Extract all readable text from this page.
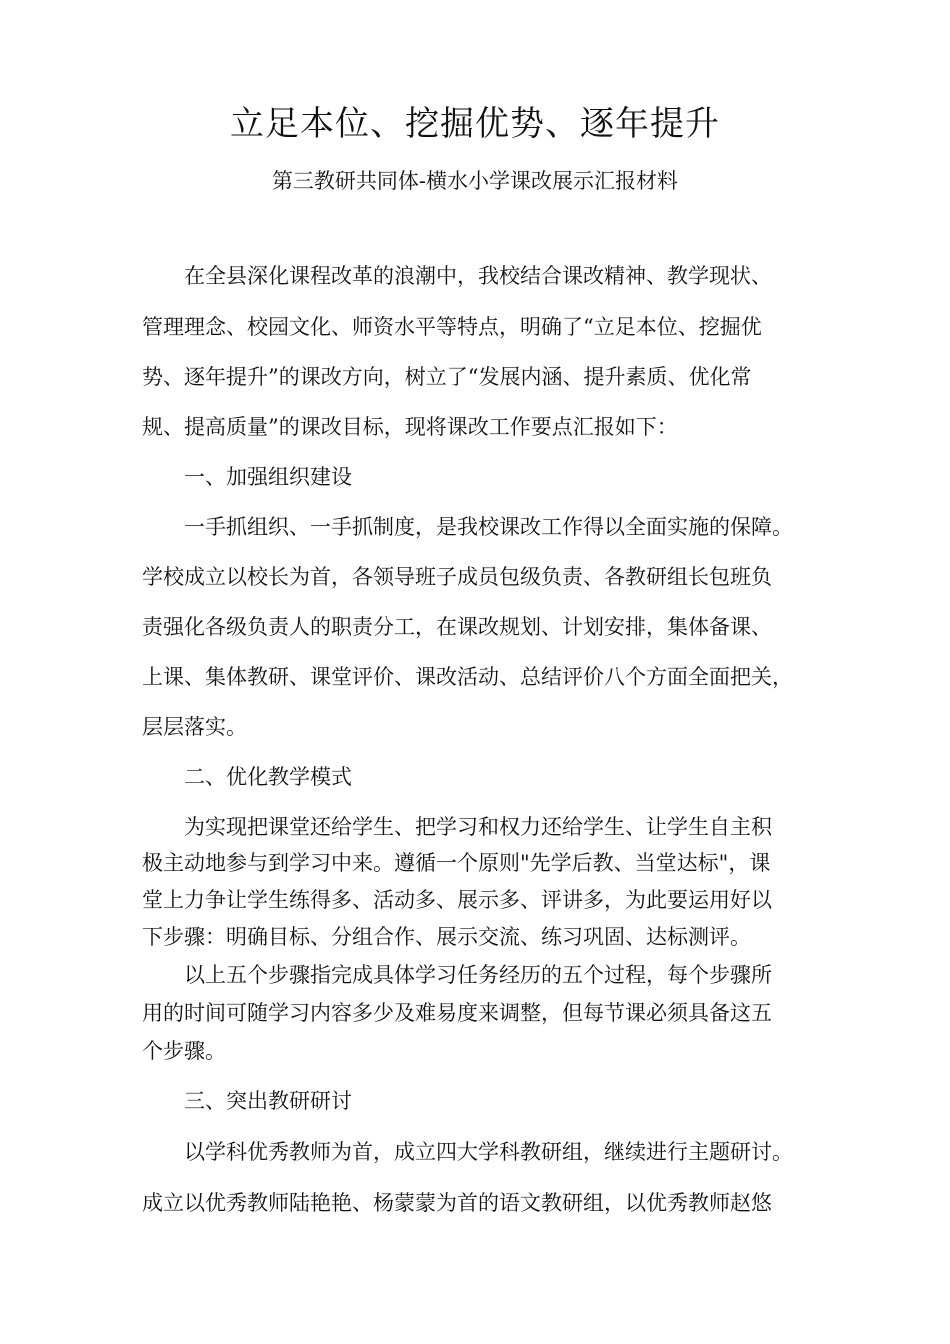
立足本位、挖掘优势、逐年提升
第三教研共同体-横水小学课改展示汇报材料
在全县深化课程改革的浪潮中，我校结合课改精神、教学现状、
管理理念、校园文化、师资水平等特点，明确了“立足本位、挖掘优
势、逐年提升”的课改方向，树立了“发展内涵、提升素质、优化常
规、提高质量”的课改目标，现将课改工作要点汇报如下：
一、加强组织建设
一手抓组织、一手抓制度，是我校课改工作得以全面实施的保障。
学校成立以校长为首，各领导班子成员包级负责、各教研组长包班负
责强化各级负责人的职责分工，在课改规划、计划安排，集体备课、
上课、集体教研、课堂评价、课改活动、总结评价八个方面全面把关，
层层落实。
二、优化教学模式
为实现把课堂还给学生、把学习和权力还给学生、让学生自主积
极主动地参与到学习中来。遵循一个原则"先学后教、当堂达标"，课
堂上力争让学生练得多、活动多、展示多、评讲多，为此要运用好以
下步骤：明确目标、分组合作、展示交流、练习巩固、达标测评。
以上五个步骤指完成具体学习任务经历的五个过程，每个步骤所
用的时间可随学习内容多少及难易度来调整，但每节课必须具备这五
个步骤。
三、突出教研研讨
以学科优秀教师为首，成立四大学科教研组，继续进行主题研讨。
成立以优秀教师陆艳艳、杨蒙蒙为首的语文教研组，以优秀教师赵悠
